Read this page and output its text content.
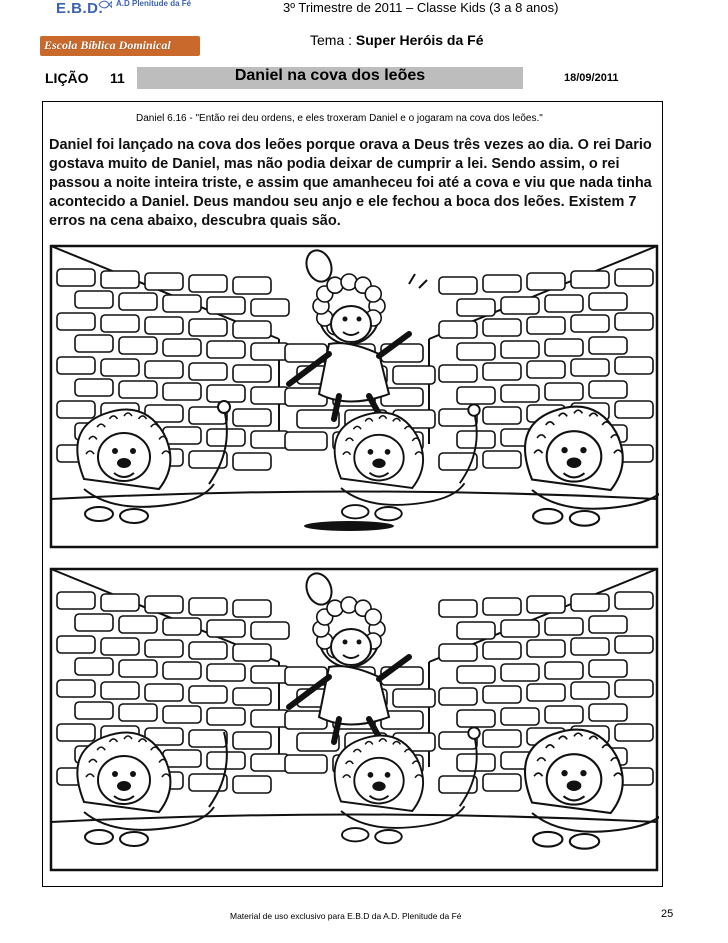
E.B.D. A.D Plenitude da Fé
Escola Bíblica Dominical
3º Trimestre de 2011 – Classe Kids (3 a 8 anos)
Tema : Super Heróis da Fé
LIÇÃO 11	Daniel na cova dos leões	18/09/2011
Daniel 6.16 - "Então rei deu ordens, e eles troxeram Daniel e o jogaram na cova dos leões."
Daniel foi lançado na cova dos leões porque orava a Deus três vezes ao dia. O rei Dario gostava muito de Daniel, mas não podia deixar de cumprir a lei. Sendo assim, o rei passou a noite inteira triste, e assim que amanheceu foi até a cova e viu que nada tinha acontecido a Daniel. Deus mandou seu anjo e ele fechou a boca dos leões. Existem 7 erros na cena abaixo, descubra quais são.
Material de uso exclusivo para E.B.D da A.D. Plenitude da Fé	25
